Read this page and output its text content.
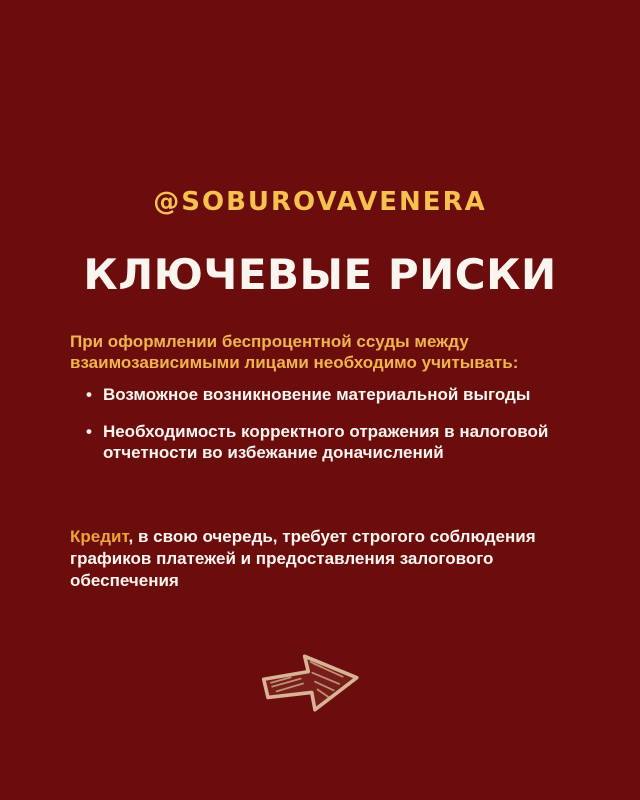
@SOBUROVAVENERA
КЛЮЧЕВЫЕ РИСКИ

При оформлении беспроцентной ссуды между взаимозависимыми лицами необходимо учитывать:

• Возможное возникновение материальной выгоды
• Необходимость корректного отражения в налоговой отчетности во избежание доначислений

Кредит, в свою очередь, требует строгого соблюдения графиков платежей и предоставления залогового обеспечения
